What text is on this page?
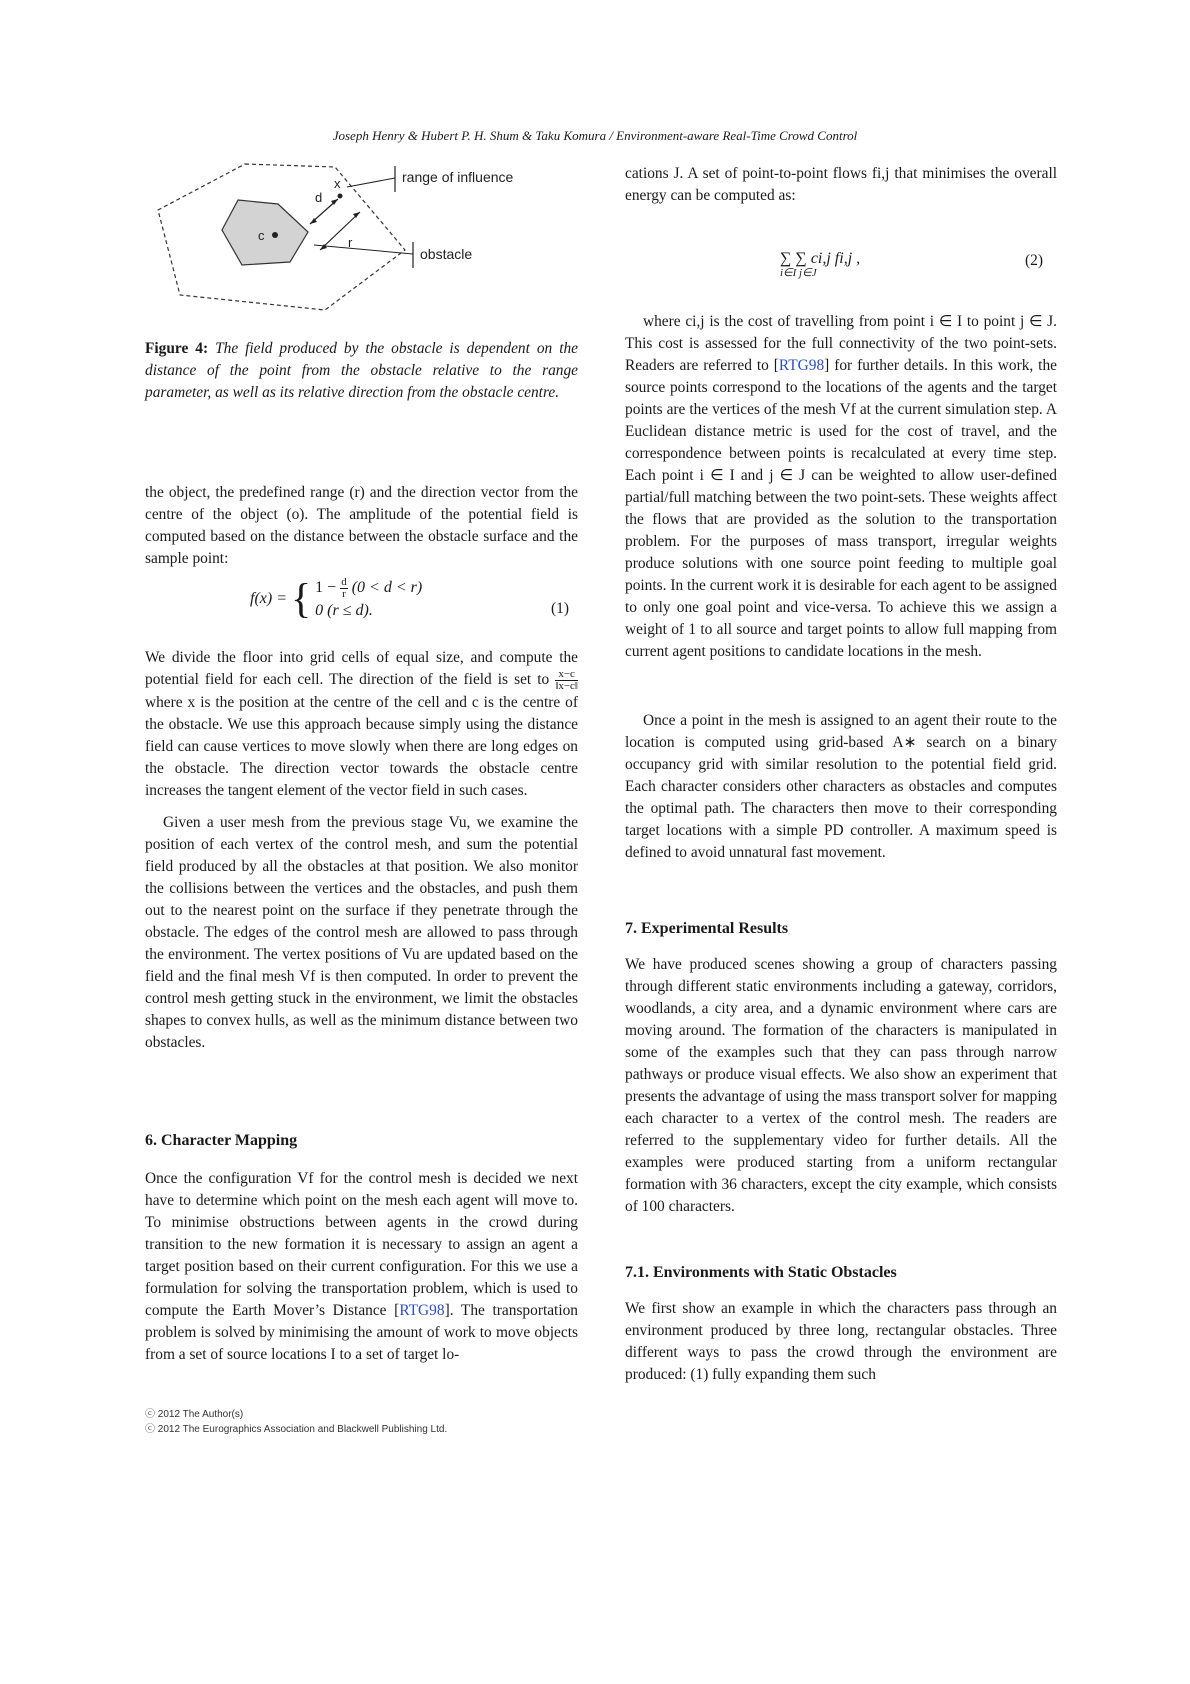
Joseph Henry & Hubert P. H. Shum & Taku Komura / Environment-aware Real-Time Crowd Control
c
x
d
r
range of influence
obstacle
Figure 4: The field produced by the obstacle is dependent on the distance of the point from the obstacle relative to the range parameter, as well as its relative direction from the obstacle centre.

the object, the predefined range (r) and the direction vector from the centre of the object (o). The amplitude of the potential field is computed based on the distance between the obstacle surface and the sample point:

f(x) = { $1 - \frac{d}{r} (0 < d < r)$
0 (r ≤ d).	(1)

We divide the floor into grid cells of equal size, and compute the potential field for each cell. The direction of the field is set to $\frac{x-c}{‖x-c‖}$
where x is the position at the centre of the cell and c is the centre of the obstacle. We use this approach because simply using the distance field can cause vertices to move slowly when there are long edges on the obstacle. The direction vector towards the obstacle centre increases the tangent element of the vector field in such cases.

Given a user mesh from the previous stage Vu, we examine the position of each vertex of the control mesh, and sum the potential field produced by all the obstacles at that position. We also monitor the collisions between the vertices and the obstacles, and push them out to the nearest point on the surface if they penetrate through the obstacle. The edges of the control mesh are allowed to pass through the environment. The vertex positions of Vu are updated based on the field and the final mesh Vf is then computed. In order to prevent the control mesh getting stuck in the environment, we limit the obstacles shapes to convex hulls, as well as the minimum distance between two obstacles.

6. Character Mapping

Once the configuration Vf for the control mesh is decided we next have to determine which point on the mesh each agent will move to. To minimise obstructions between agents in the crowd during transition to the new formation it is necessary to assign an agent a target position based on their current configuration. For this we use a formulation for solving the transportation problem, which is used to compute the Earth Mover’s Distance [RTG98]. The transportation problem is solved by minimising the amount of work to move objects from a set of source locations I to a set of target lo-

cations J. A set of point-to-point flows fi,j that minimises the overall energy can be computed as:

∑ ∑ ci,j fi,j ,
i∈I j∈J
(2)

where ci,j is the cost of travelling from point i ∈ I to point j ∈ J. This cost is assessed for the full connectivity of the two point-sets. Readers are referred to [RTG98] for further details. In this work, the source points correspond to the locations of the agents and the target points are the vertices of the mesh Vf at the current simulation step. A Euclidean distance metric is used for the cost of travel, and the correspondence between points is recalculated at every time step. Each point i ∈ I and j ∈ J can be weighted to allow user-defined partial/full matching between the two point-sets. These weights affect the flows that are provided as the solution to the transportation problem. For the purposes of mass transport, irregular weights produce solutions with one source point feeding to multiple goal points. In the current work it is desirable for each agent to be assigned to only one goal point and vice-versa. To achieve this we assign a weight of 1 to all source and target points to allow full mapping from current agent positions to candidate locations in the mesh.

Once a point in the mesh is assigned to an agent their route to the location is computed using grid-based A∗ search on a binary occupancy grid with similar resolution to the potential field grid. Each character considers other characters as obstacles and computes the optimal path. The characters then move to their corresponding target locations with a simple PD controller. A maximum speed is defined to avoid unnatural fast movement.

7. Experimental Results

We have produced scenes showing a group of characters passing through different static environments including a gateway, corridors, woodlands, a city area, and a dynamic environment where cars are moving around. The formation of the characters is manipulated in some of the examples such that they can pass through narrow pathways or produce visual effects. We also show an experiment that presents the advantage of using the mass transport solver for mapping each character to a vertex of the control mesh. The readers are referred to the supplementary video for further details. All the examples were produced starting from a uniform rectangular formation with 36 characters, except the city example, which consists of 100 characters.

7.1. Environments with Static Obstacles

We first show an example in which the characters pass through an environment produced by three long, rectangular obstacles. Three different ways to pass the crowd through the environment are produced: (1) fully expanding them such

ⓒ 2012 The Author(s)
ⓒ 2012 The Eurographics Association and Blackwell Publishing Ltd.
